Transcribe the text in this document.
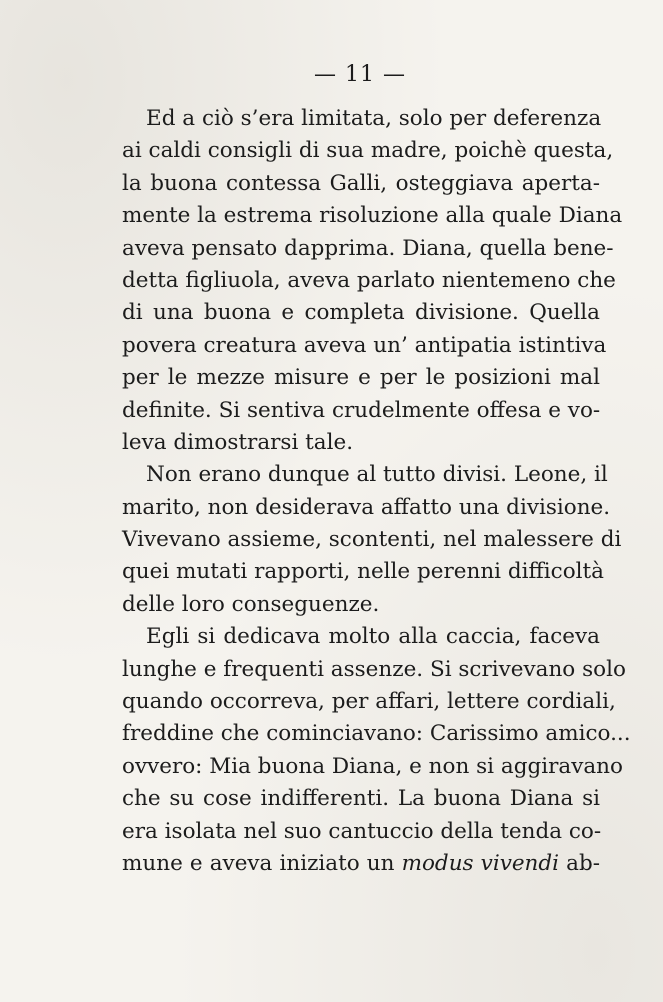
— 11 —
Ed a ciò s’era limitata, solo per deferenza
ai caldi consigli di sua madre, poichè questa,
la buona contessa Galli, osteggiava aperta-
mente la estrema risoluzione alla quale Diana
aveva pensato dapprima. Diana, quella bene-
detta figliuola, aveva parlato nientemeno che
di una buona e completa divisione. Quella
povera creatura aveva un’ antipatia istintiva
per le mezze misure e per le posizioni mal
definite. Si sentiva crudelmente offesa e vo-
leva dimostrarsi tale.
Non erano dunque al tutto divisi. Leone, il
marito, non desiderava affatto una divisione.
Vivevano assieme, scontenti, nel malessere di
quei mutati rapporti, nelle perenni difficoltà
delle loro conseguenze.
Egli si dedicava molto alla caccia, faceva
lunghe e frequenti assenze. Si scrivevano solo
quando occorreva, per affari, lettere cordiali,
freddine che cominciavano: Carissimo amico...
ovvero: Mia buona Diana, e non si aggiravano
che su cose indifferenti. La buona Diana si
era isolata nel suo cantuccio della tenda co-
mune e aveva iniziato un modus vivendi ab-
